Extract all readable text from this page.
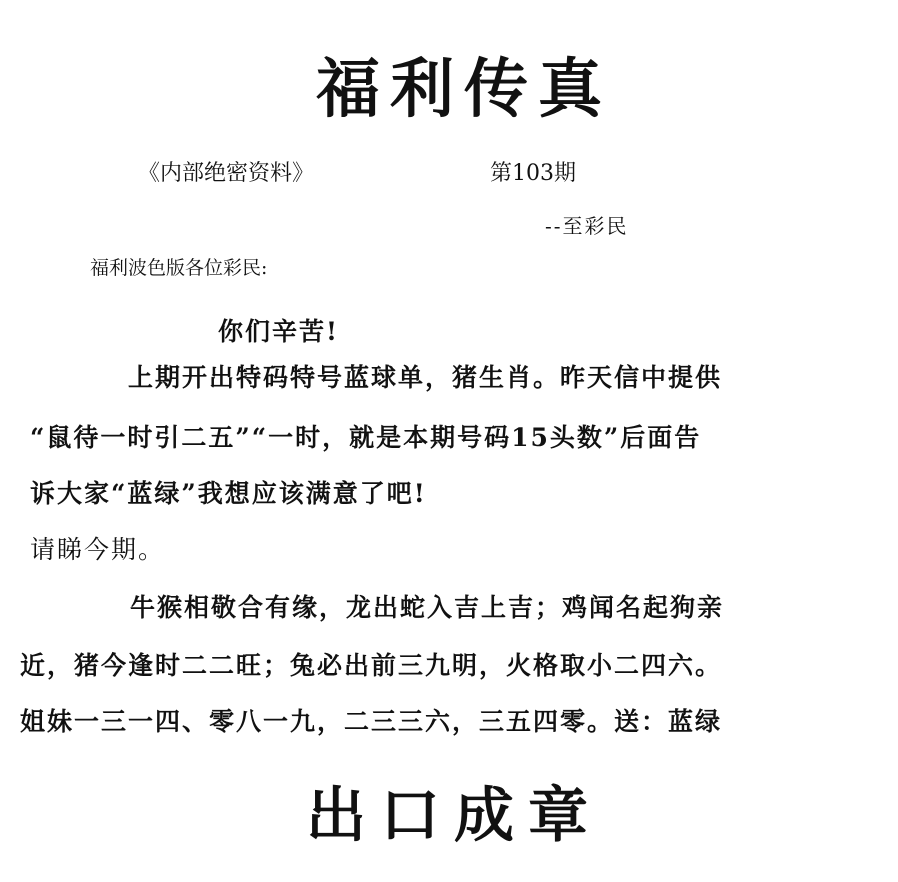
福利传真
《内部绝密资料》	第103期
--至彩民
福利波色版各位彩民:
你们辛苦!
上期开出特码特号蓝球单，猪生肖。昨天信中提供
“鼠待一时引二五”“一时，就是本期号码15头数”后面告
诉大家“蓝绿”我想应该满意了吧!
请睇今期。
牛猴相敬合有缘，龙出蛇入吉上吉；鸡闻名起狗亲
近，猪今逢时二二旺；兔必出前三九明，火格取小二四六。
姐妹一三一四、零八一九，二三三六，三五四零。送：蓝绿
出口成章
